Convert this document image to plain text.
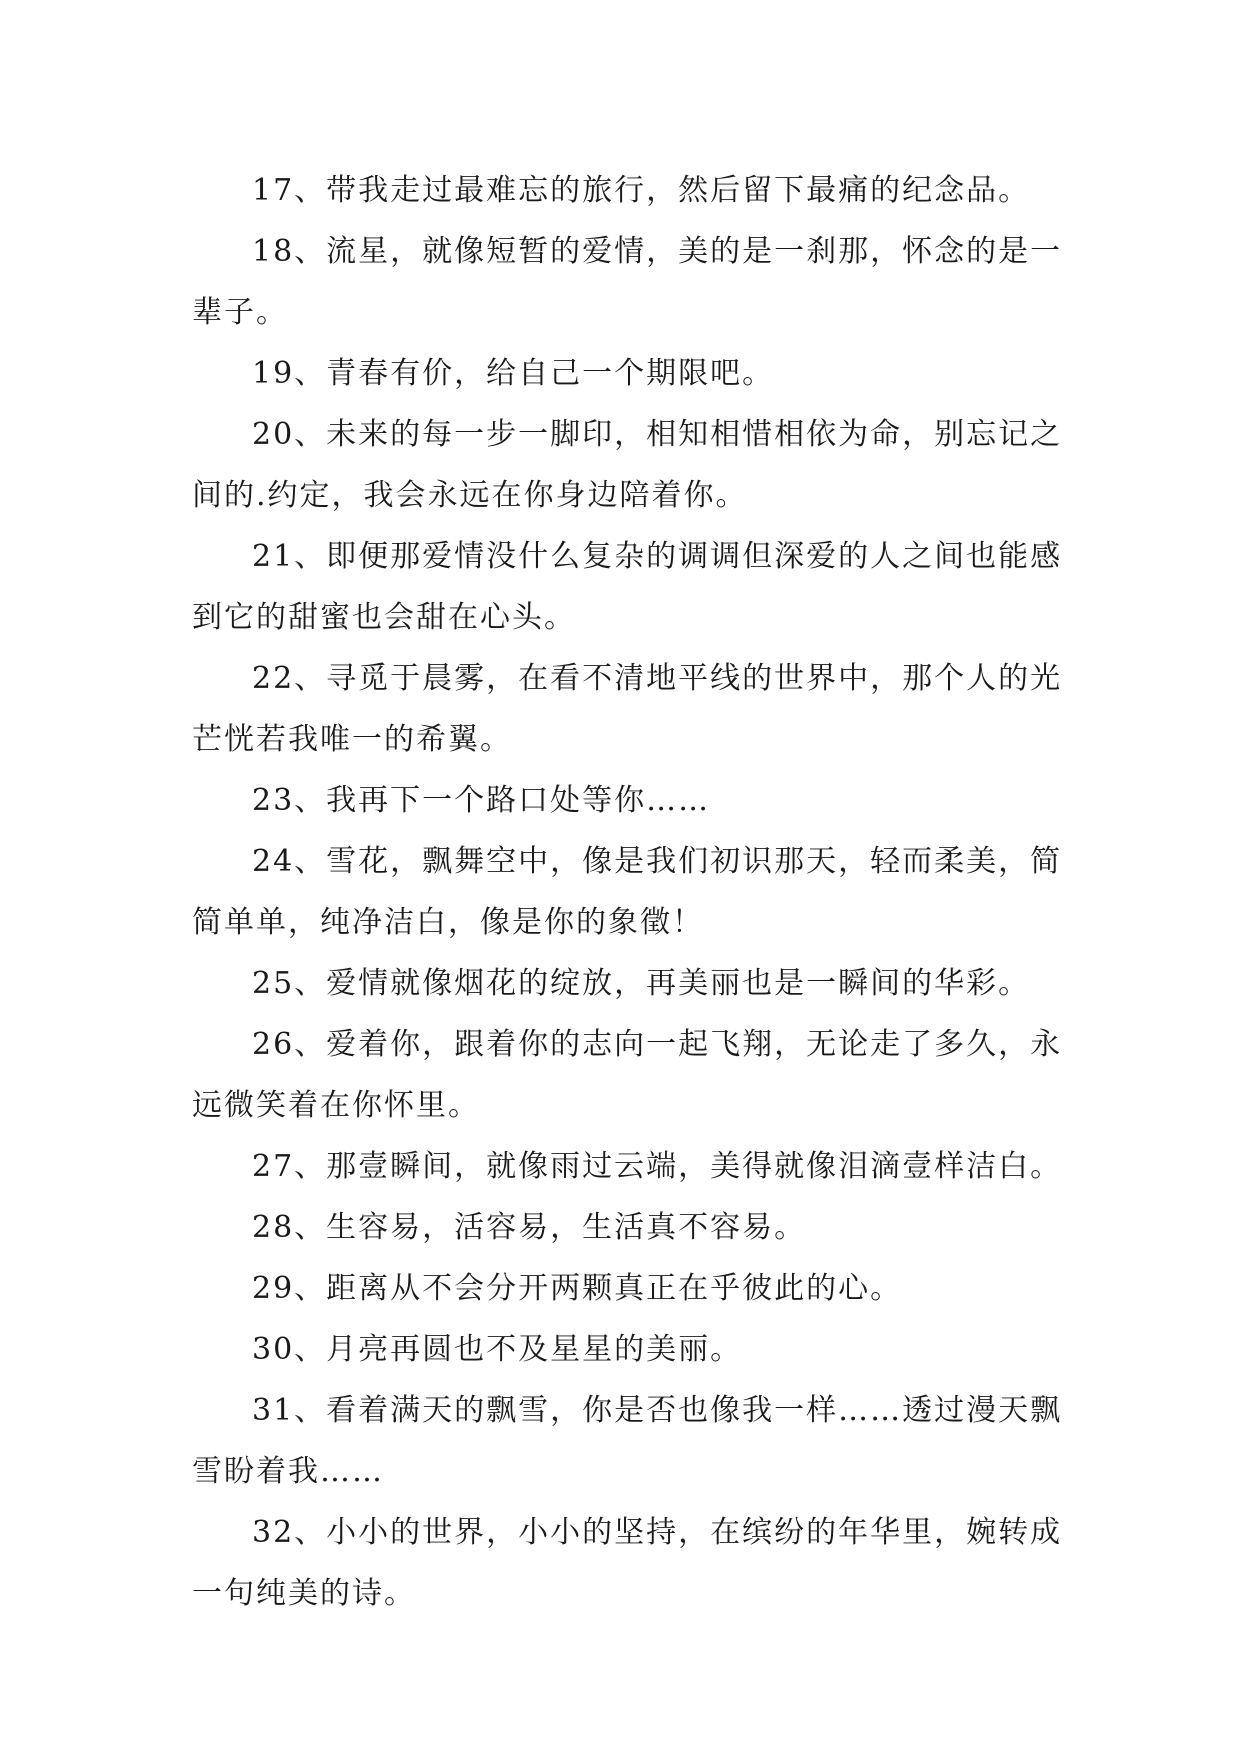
17、带我走过最难忘的旅行，然后留下最痛的纪念品。

18、流星，就像短暂的爱情，美的是一刹那，怀念的是一辈子。

19、青春有价，给自己一个期限吧。

20、未来的每一步一脚印，相知相惜相依为命，别忘记之间的.约定，我会永远在你身边陪着你。

21、即便那爱情没什么复杂的调调但深爱的人之间也能感到它的甜蜜也会甜在心头。

22、寻觅于晨雾，在看不清地平线的世界中，那个人的光芒恍若我唯一的希翼。

23、我再下一个路口处等你……

24、雪花，飘舞空中，像是我们初识那天，轻而柔美，简简单单，纯净洁白，像是你的象徵！

25、爱情就像烟花的绽放，再美丽也是一瞬间的华彩。

26、爱着你，跟着你的志向一起飞翔，无论走了多久，永远微笑着在你怀里。

27、那壹瞬间，就像雨过云端，美得就像泪滴壹样洁白。

28、生容易，活容易，生活真不容易。

29、距离从不会分开两颗真正在乎彼此的心。

30、月亮再圆也不及星星的美丽。

31、看着满天的飘雪，你是否也像我一样……透过漫天飘雪盼着我……

32、小小的世界，小小的坚持，在缤纷的年华里，婉转成一句纯美的诗。
